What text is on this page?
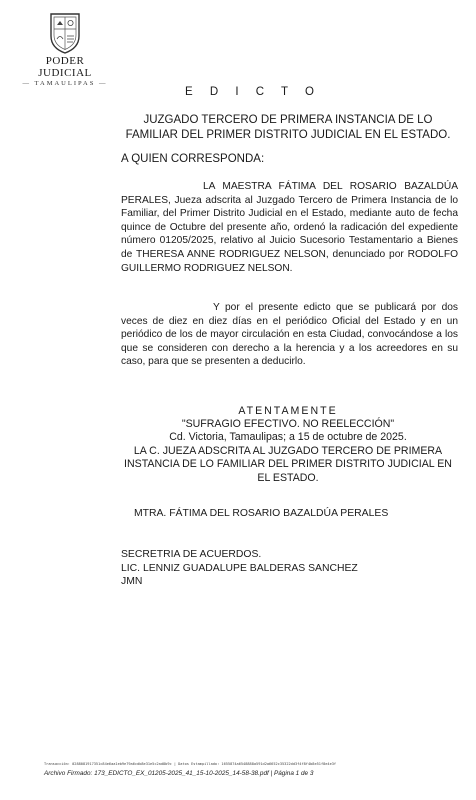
PODER JUDICIAL
— TAMAULIPAS —
E D I C T O
JUZGADO TERCERO DE PRIMERA INSTANCIA DE LO FAMILIAR DEL PRIMER DISTRITO JUDICIAL EN EL ESTADO.
A QUIEN CORRESPONDA:
LA MAESTRA FÁTIMA DEL ROSARIO BAZALDÚA PERALES, Jueza adscrita al Juzgado Tercero de Primera Instancia de lo Familiar, del Primer Distrito Judicial en el Estado, mediante auto de fecha quince de Octubre del presente año, ordenó la radicación del expediente número 01205/2025, relativo al Juicio Sucesorio Testamentario a Bienes de THERESA ANNE RODRIGUEZ NELSON, denunciado por RODOLFO GUILLERMO RODRIGUEZ NELSON.
Y por el presente edicto que se publicará por dos veces de diez en diez días en el periódico Oficial del Estado y en un periódico de los de mayor circulación en esta Ciudad, convocándose a los que se consideren con derecho a la herencia y a los acreedores en su caso, para que se presenten a deducirlo.
ATENTAMENTE
"SUFRAGIO EFECTIVO. NO REELECCIÓN"
Cd. Victoria, Tamaulipas; a 15 de octubre de 2025.
LA C. JUEZA ADSCRITA AL JUZGADO TERCERO DE PRIMERA INSTANCIA DE LO FAMILIAR DEL PRIMER DISTRITO JUDICIAL EN EL ESTADO.
MTRA. FÁTIMA DEL ROSARIO BAZALDÚA PERALES
SECRETRIA DE ACUERDOS.
LIC. LENNIZ GUADALUPE BALDERAS SANCHEZ
JMN
Transacción: 0288081917351c84e6aa1eb9e79a6cdb8e31e5c2ad8b9c | Datos Estampillado: 1655874a6548888a591d2a6652c35322dd3f4f8f4b8e51f8e4e3f
Archivo Firmado: 173_EDICTO_EX_01205-2025_41_15-10-2025_14-58-38.pdf | Página 1 de 3
